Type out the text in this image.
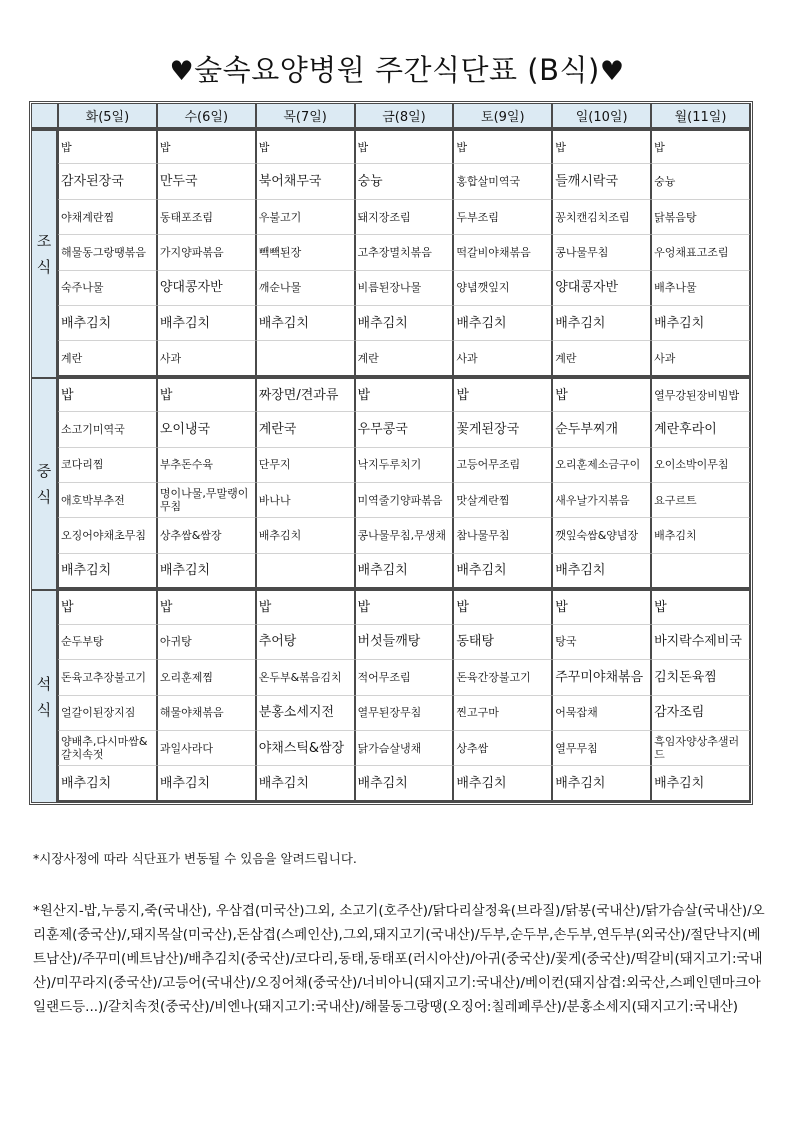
♥숲속요양병원 주간식단표 (B식)♥
	화(5일)	수(6일)	목(7일)	금(8일)	토(9일)	일(10일)	월(11일)

조
식	밥	밥	밥	밥	밥	밥	밥
	감자된장국	만두국	북어채무국	숭늉	홍합살미역국	들깨시락국	숭늉
	야채계란찜	동태포조림	우불고기	돼지장조림	두부조림	꽁치캔김치조림	닭볶음탕
	해물동그랑땡볶음	가지양파볶음	빽빽된장	고추장멸치볶음	떡갈비야채볶음	콩나물무침	우엉채표고조림
	숙주나물	양대콩자반	깨순나물	비름된장나물	양념깻잎지	양대콩자반	배추나물
	배추김치	배추김치	배추김치	배추김치	배추김치	배추김치	배추김치
	계란	사과		계란	사과	계란	사과

중
식	밥	밥	짜장면/견과류	밥	밥	밥	열무강된장비빔밥
	소고기미역국	오이냉국	계란국	우무콩국	꽃게된장국	순두부찌개	계란후라이
	코다리찜	부추돈수육	단무지	낙지두루치기	고등어무조림	오리훈제소금구이	오이소박이무침
	애호박부추전	명이나물,무말랭이무침	바나나	미역줄기양파볶음	맛살계란찜	새우날가지볶음	요구르트
	오징어야채초무침	상추쌈&쌈장	배추김치	콩나물무침,무생채	참나물무침	깻잎숙쌈&양념장	배추김치
	배추김치	배추김치		배추김치	배추김치	배추김치	

석
식	밥	밥	밥	밥	밥	밥	밥
	순두부탕	아귀탕	추어탕	버섯들깨탕	동태탕	탕국	바지락수제비국
	돈육고추장불고기	오리훈제찜	온두부&볶음김치	적어무조림	돈육간장불고기	주꾸미야채볶음	김치돈육찜
	얼갈이된장지짐	해물야채볶음	분홍소세지전	열무된장무침	찐고구마	어묵잡채	감자조림
	양배추,다시마쌈&갈치속젓	과일사라다	야채스틱&쌈장	닭가슴살냉채	상추쌈	열무무침	흑임자양상추샐러드
	배추김치	배추김치	배추김치	배추김치	배추김치	배추김치	배추김치
*시장사정에 따라 식단표가 변동될 수 있음을 알려드립니다.
*원산지-밥,누룽지,죽(국내산), 우삼겹(미국산)그외, 소고기(호주산)/닭다리살정육(브라질)/닭봉(국내산)/닭가슴살(국내산)/오리훈제(중국산)/,돼지목살(미국산),돈삼겹(스페인산),그외,돼지고기(국내산)/두부,순두부,손두부,연두부(외국산)/절단낙지(베트남산)/주꾸미(베트남산)/배추김치(중국산)/코다리,동태,동태포(러시아산)/아귀(중국산)/꽃게(중국산)/떡갈비(돼지고기:국내산)/미꾸라지(중국산)/고등어(국내산)/오징어채(중국산)/너비아니(돼지고기:국내산)/베이컨(돼지삼겹:외국산,스페인덴마크아일랜드등...)/갈치속젓(중국산)/비엔나(돼지고기:국내산)/해물동그랑땡(오징어:칠레페루산)/분홍소세지(돼지고기:국내산)
